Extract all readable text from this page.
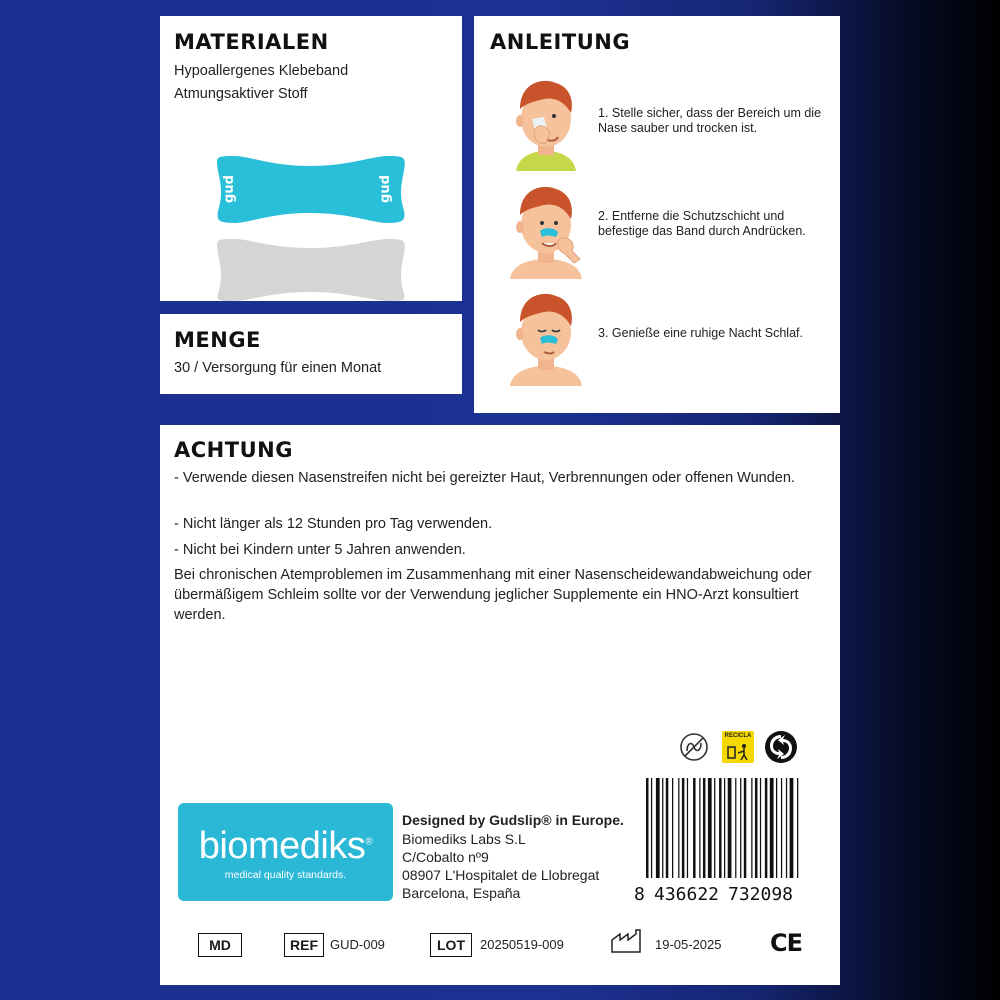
MATERIALEN
Hypoallergenes Klebeband
Atmungsaktiver Stoff
gud	gud
MENGE
30 / Versorgung für einen Monat
ANLEITUNG
1. Stelle sicher, dass der Bereich um die Nase sauber und trocken ist.
2. Entferne die Schutzschicht und befestige das Band durch Andrücken.
3. Genieße eine ruhige Nacht Schlaf.
ACHTUNG
- Verwende diesen Nasenstreifen nicht bei gereizter Haut, Verbrennungen oder offenen Wunden.
- Nicht länger als 12 Stunden pro Tag verwenden.
- Nicht bei Kindern unter 5 Jahren anwenden.
Bei chronischen Atemproblemen im Zusammenhang mit einer Nasenscheidewandabweichung oder übermäßigem Schleim sollte vor der Verwendung jeglicher Supplemente ein HNO-Arzt konsultiert werden.
RECICLA
biomediks®
medical quality standards.
Designed by Gudslip® in Europe.
Biomediks Labs S.L
C/Cobalto nº9
08907 L'Hospitalet de Llobregat
Barcelona, España	8 436622 732098
MD	REF GUD-009	LOT	20250519-009	19-05-2025 CE
